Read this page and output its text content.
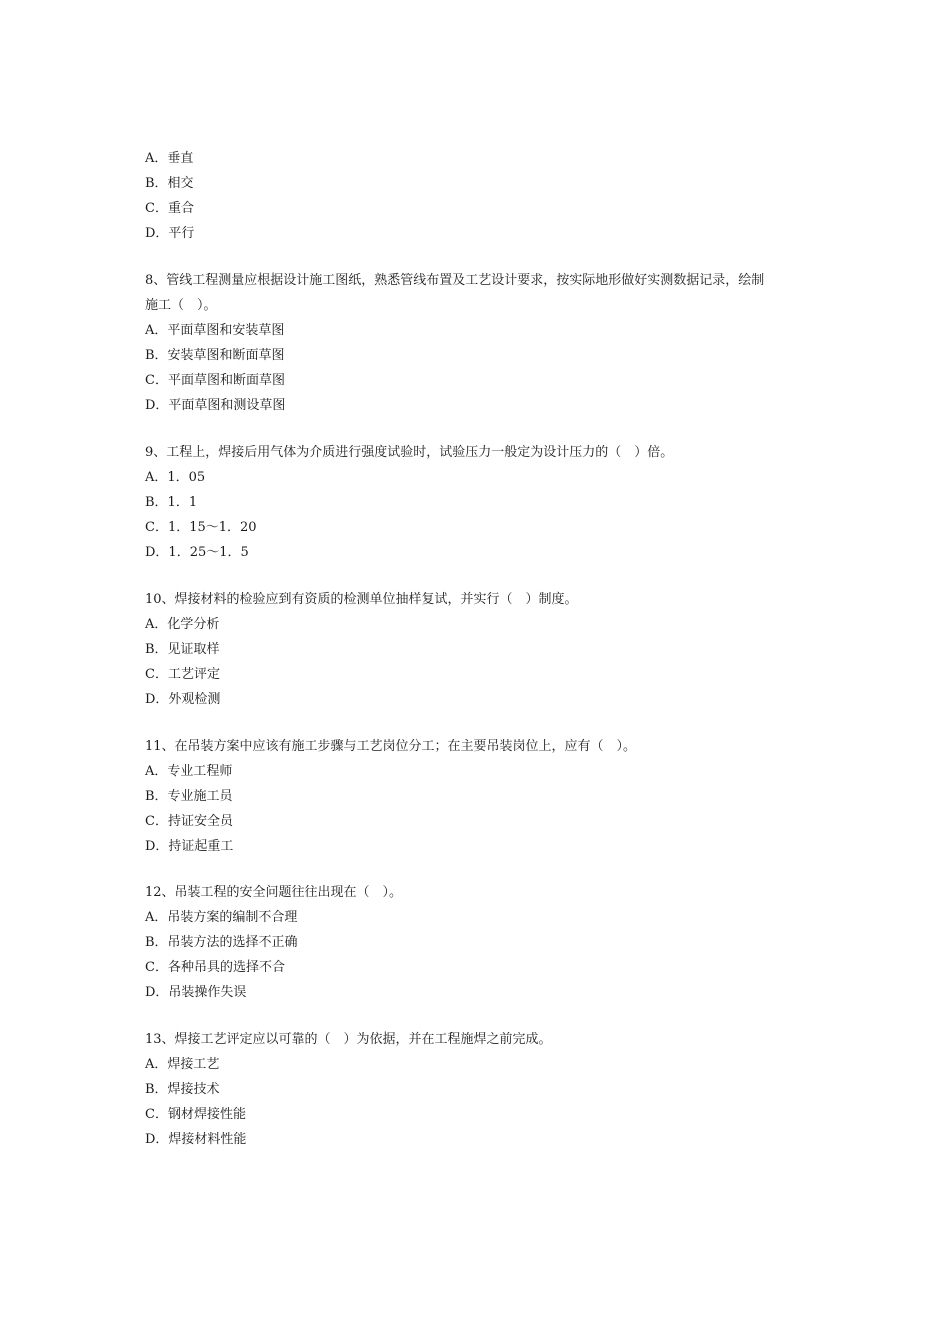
A．垂直
B．相交
C．重合
D．平行
8、管线工程测量应根据设计施工图纸，熟悉管线布置及工艺设计要求，按实际地形做好实测数据记录，绘制
施工（　）。
A．平面草图和安装草图
B．安装草图和断面草图
C．平面草图和断面草图
D．平面草图和测设草图
9、工程上，焊接后用气体为介质进行强度试验时，试验压力一般定为设计压力的（　）倍。
A．1．05
B．1．1
C．1．15～1．20
D．1．25～1．5
10、焊接材料的检验应到有资质的检测单位抽样复试，并实行（　）制度。
A．化学分析
B．见证取样
C．工艺评定
D．外观检测
11、在吊装方案中应该有施工步骤与工艺岗位分工；在主要吊装岗位上，应有（　）。
A．专业工程师
B．专业施工员
C．持证安全员
D．持证起重工
12、吊装工程的安全问题往往出现在（　）。
A．吊装方案的编制不合理
B．吊装方法的选择不正确
C．各种吊具的选择不合
D．吊装操作失误
13、焊接工艺评定应以可靠的（　）为依据，并在工程施焊之前完成。
A．焊接工艺
B．焊接技术
C．钢材焊接性能
D．焊接材料性能
